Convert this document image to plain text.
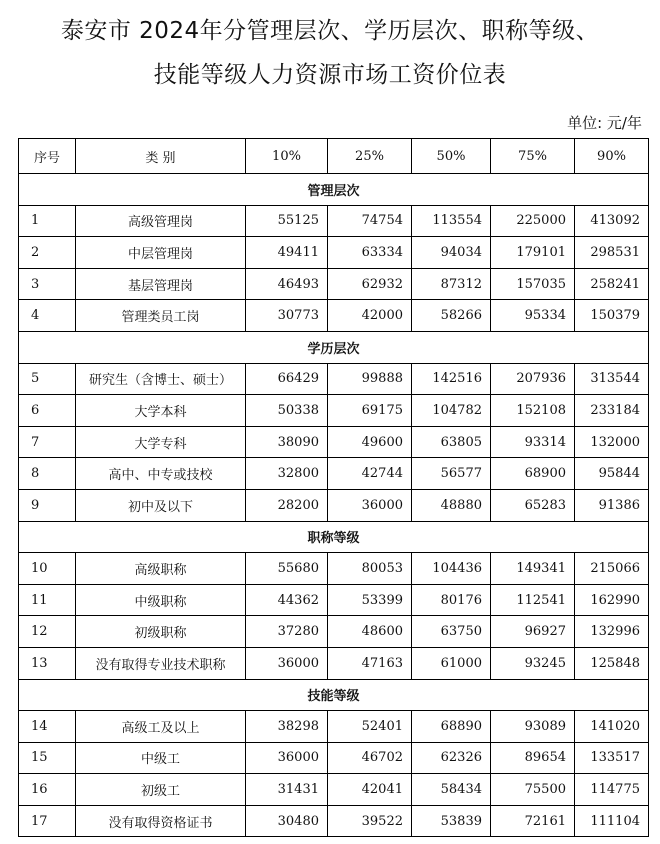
泰安市 2024年分管理层次、学历层次、职称等级、
技能等级人力资源市场工资价位表
单位: 元/年
序号	类 别	10%	25%	50%	75%	90%
管理层次						
1	高级管理岗	55125	74754	113554	225000	413092
2	中层管理岗	49411	63334	94034	179101	298531
3	基层管理岗	46493	62932	87312	157035	258241
4	管理类员工岗	30773	42000	58266	95334	150379
学历层次						
5	研究生（含博士、硕士）	66429	99888	142516	207936	313544
6	大学本科	50338	69175	104782	152108	233184
7	大学专科	38090	49600	63805	93314	132000
8	高中、中专或技校	32800	42744	56577	68900	95844
9	初中及以下	28200	36000	48880	65283	91386
职称等级						
10	高级职称	55680	80053	104436	149341	215066
11	中级职称	44362	53399	80176	112541	162990
12	初级职称	37280	48600	63750	96927	132996
13	没有取得专业技术职称	36000	47163	61000	93245	125848
技能等级						
14	高级工及以上	38298	52401	68890	93089	141020
15	中级工	36000	46702	62326	89654	133517
16	初级工	31431	42041	58434	75500	114775
17	没有取得资格证书	30480	39522	53839	72161	111104
